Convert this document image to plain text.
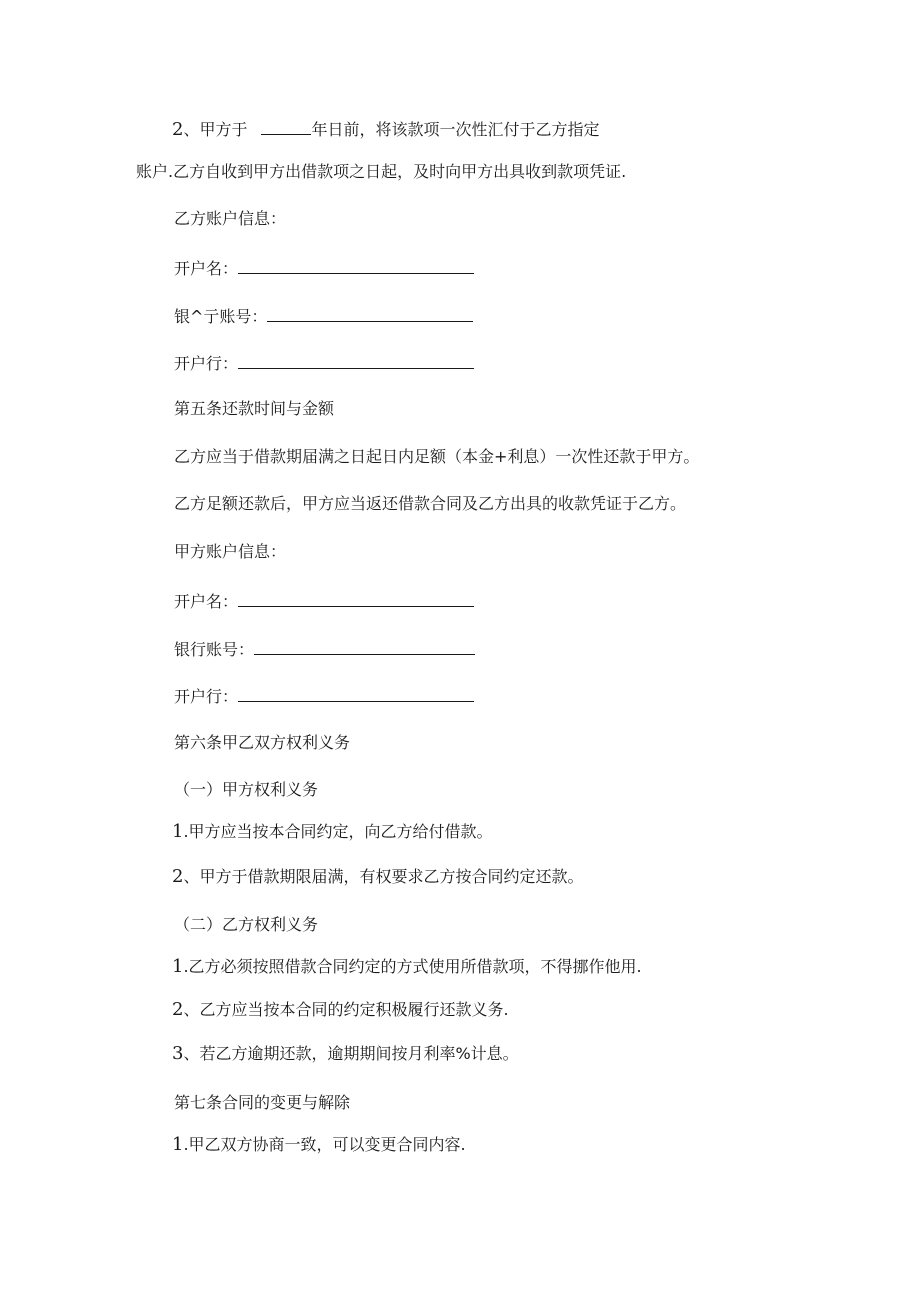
2、甲方于	年日前，将该款项一次性汇付于乙方指定
账户.乙方自收到甲方出借款项之日起，及时向甲方出具收到款项凭证.
乙方账户信息：
开户名：
银^亍账号：
开户行：
第五条还款时间与金额
乙方应当于借款期届满之日起日内足额（本金+利息）一次性还款于甲方。
乙方足额还款后，甲方应当返还借款合同及乙方出具的收款凭证于乙方。
甲方账户信息：
开户名：
银行账号：
开户行：
第六条甲乙双方权利义务
（一）甲方权利义务
1.甲方应当按本合同约定，向乙方给付借款。
2、甲方于借款期限届满，有权要求乙方按合同约定还款。
（二）乙方权利义务
1.乙方必须按照借款合同约定的方式使用所借款项，不得挪作他用.
2、乙方应当按本合同的约定积极履行还款义务.
3、若乙方逾期还款，逾期期间按月利率%计息。
第七条合同的变更与解除
1.甲乙双方协商一致，可以变更合同内容.
